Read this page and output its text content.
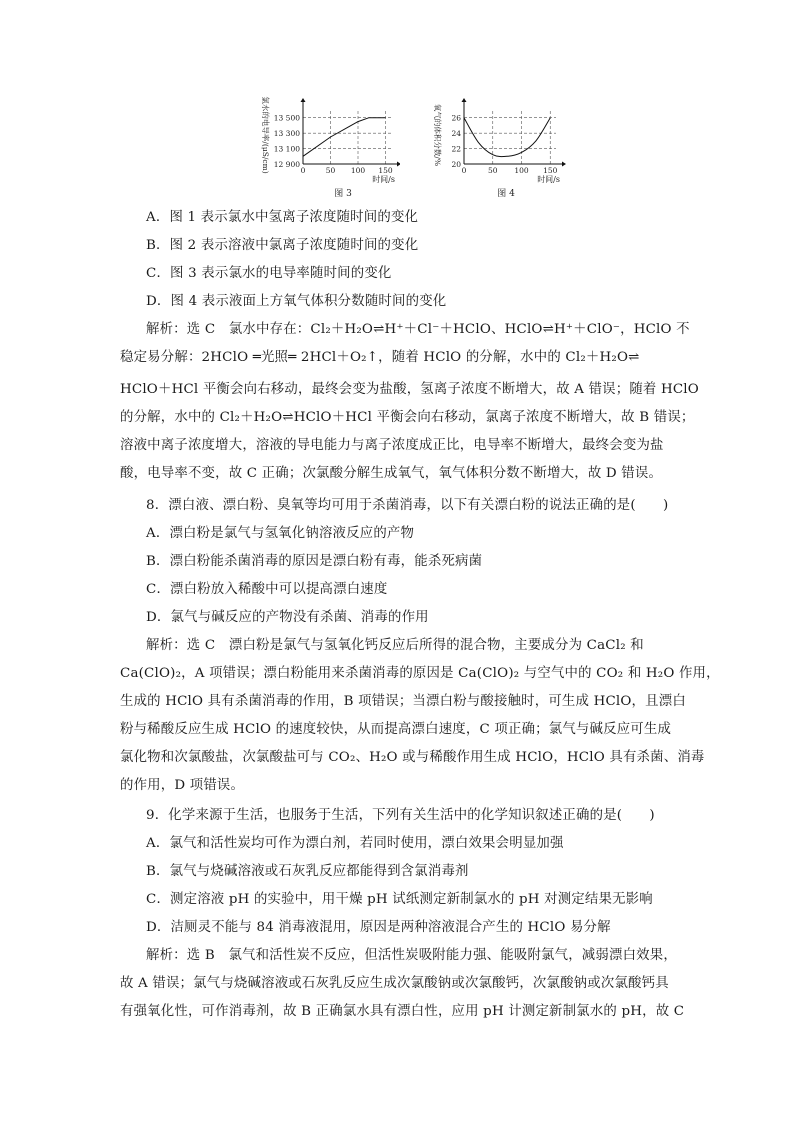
12 900
13 100
13 300
13 500
0	50 100 150
时间/s
氯水的电导率/(μS/cm)
图 3
20
22
24
26
0	50 100 150
时间/s
氧气的体积分数/%
图 4
A．图 1 表示氯水中氢离子浓度随时间的变化
B．图 2 表示溶液中氯离子浓度随时间的变化
C．图 3 表示氯水的电导率随时间的变化
D．图 4 表示液面上方氧气体积分数随时间的变化
解析：选 C　氯水中存在：Cl₂＋H₂O⇌H⁺＋Cl⁻＋HClO、HClO⇌H⁺＋ClO⁻，HClO 不
稳定易分解：2HClO ═光照═ 2HCl＋O₂↑，随着 HClO 的分解，水中的 Cl₂＋H₂O⇌
HClO＋HCl 平衡会向右移动，最终会变为盐酸，氢离子浓度不断增大，故 A 错误；随着 HClO
的分解，水中的 Cl₂＋H₂O⇌HClO＋HCl 平衡会向右移动，氯离子浓度不断增大，故 B 错误；
溶液中离子浓度增大，溶液的导电能力与离子浓度成正比，电导率不断增大，最终会变为盐
酸，电导率不变，故 C 正确；次氯酸分解生成氧气，氧气体积分数不断增大，故 D 错误。
8．漂白液、漂白粉、臭氧等均可用于杀菌消毒，以下有关漂白粉的说法正确的是(　　)
A．漂白粉是氯气与氢氧化钠溶液反应的产物
B．漂白粉能杀菌消毒的原因是漂白粉有毒，能杀死病菌
C．漂白粉放入稀酸中可以提高漂白速度
D．氯气与碱反应的产物没有杀菌、消毒的作用
解析：选 C　漂白粉是氯气与氢氧化钙反应后所得的混合物，主要成分为 CaCl₂ 和
Ca(ClO)₂，A 项错误；漂白粉能用来杀菌消毒的原因是 Ca(ClO)₂ 与空气中的 CO₂ 和 H₂O 作用，
生成的 HClO 具有杀菌消毒的作用，B 项错误；当漂白粉与酸接触时，可生成 HClO，且漂白
粉与稀酸反应生成 HClO 的速度较快，从而提高漂白速度，C 项正确；氯气与碱反应可生成
氯化物和次氯酸盐，次氯酸盐可与 CO₂、H₂O 或与稀酸作用生成 HClO，HClO 具有杀菌、消毒
的作用，D 项错误。
9．化学来源于生活，也服务于生活，下列有关生活中的化学知识叙述正确的是(　　)
A．氯气和活性炭均可作为漂白剂，若同时使用，漂白效果会明显加强
B．氯气与烧碱溶液或石灰乳反应都能得到含氯消毒剂
C．测定溶液 pH 的实验中，用干燥 pH 试纸测定新制氯水的 pH 对测定结果无影响
D．洁厕灵不能与 84 消毒液混用，原因是两种溶液混合产生的 HClO 易分解
解析：选 B　氯气和活性炭不反应，但活性炭吸附能力强、能吸附氯气，减弱漂白效果，
故 A 错误；氯气与烧碱溶液或石灰乳反应生成次氯酸钠或次氯酸钙，次氯酸钠或次氯酸钙具
有强氧化性，可作消毒剂，故 B 正确氯水具有漂白性，应用 pH 计测定新制氯水的 pH，故 C
